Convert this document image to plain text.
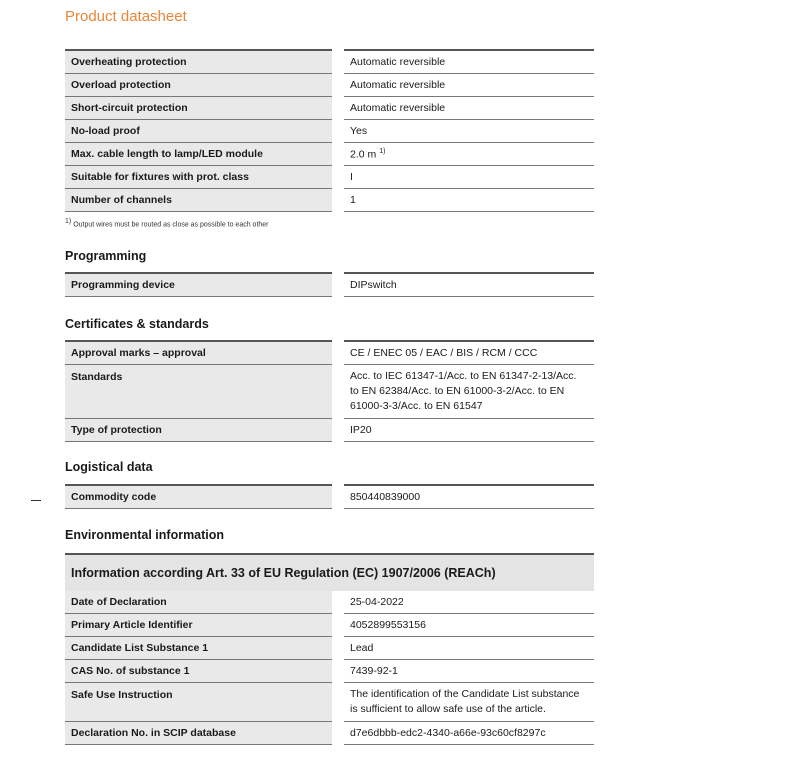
Product datasheet
Overheating protection	Automatic reversible
Overload protection	Automatic reversible
Short-circuit protection	Automatic reversible
No-load proof	Yes
Max. cable length to lamp/LED module	2.0 m $^{1)}$
Suitable for fixtures with prot. class	I
Number of channels	1
$^{1)}$ Output wires must be routed as close as possible to each other
Programming
Programming device	DIPswitch
Certificates & standards
Approval marks – approval	CE / ENEC 05 / EAC / BIS / RCM / CCC
Standards	Acc. to IEC 61347-1/Acc. to EN 61347-2-13/Acc. to EN 62384/Acc. to EN 61000-3-2/Acc. to EN 61000-3-3/Acc. to EN 61547
Type of protection	IP20
Logistical data
Commodity code	850440839000
Environmental information
Information according Art. 33 of EU Regulation (EC) 1907/2006 (REACh)
Date of Declaration	25-04-2022
Primary Article Identifier	4052899553156
Candidate List Substance 1	Lead
CAS No. of substance 1	7439-92-1
Safe Use Instruction	The identification of the Candidate List substance is sufficient to allow safe use of the article.
Declaration No. in SCIP database	d7e6dbbb-edc2-4340-a66e-93c60cf8297c
